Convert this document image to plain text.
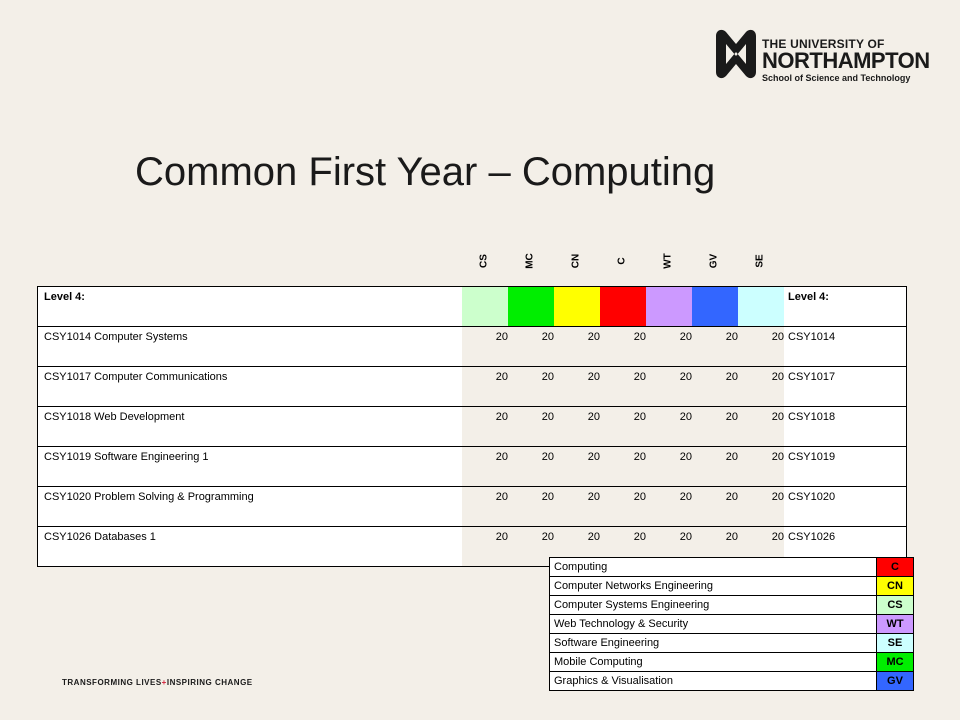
THE UNIVERSITY OF
NORTHAMPTON
School of Science and Technology
Common First Year – Computing
CS	MC	CN	C	WT	GV	SE
Level 4:								Level 4:
CSY1014 Computer Systems	20	20	20	20	20	20	20	CSY1014
CSY1017 Computer Communications	20	20	20	20	20	20	20	CSY1017
CSY1018 Web Development	20	20	20	20	20	20	20	CSY1018
CSY1019 Software Engineering 1	20	20	20	20	20	20	20	CSY1019
CSY1020 Problem Solving & Programming	20	20	20	20	20	20	20	CSY1020
CSY1026 Databases 1	20	20	20	20	20	20	20	CSY1026
Computing	C
Computer Networks Engineering	CN
Computer Systems Engineering	CS
Web Technology & Security	WT
Software Engineering	SE
Mobile Computing	MC
Graphics & Visualisation	GV
TRANSFORMING LIVES+INSPIRING CHANGE
